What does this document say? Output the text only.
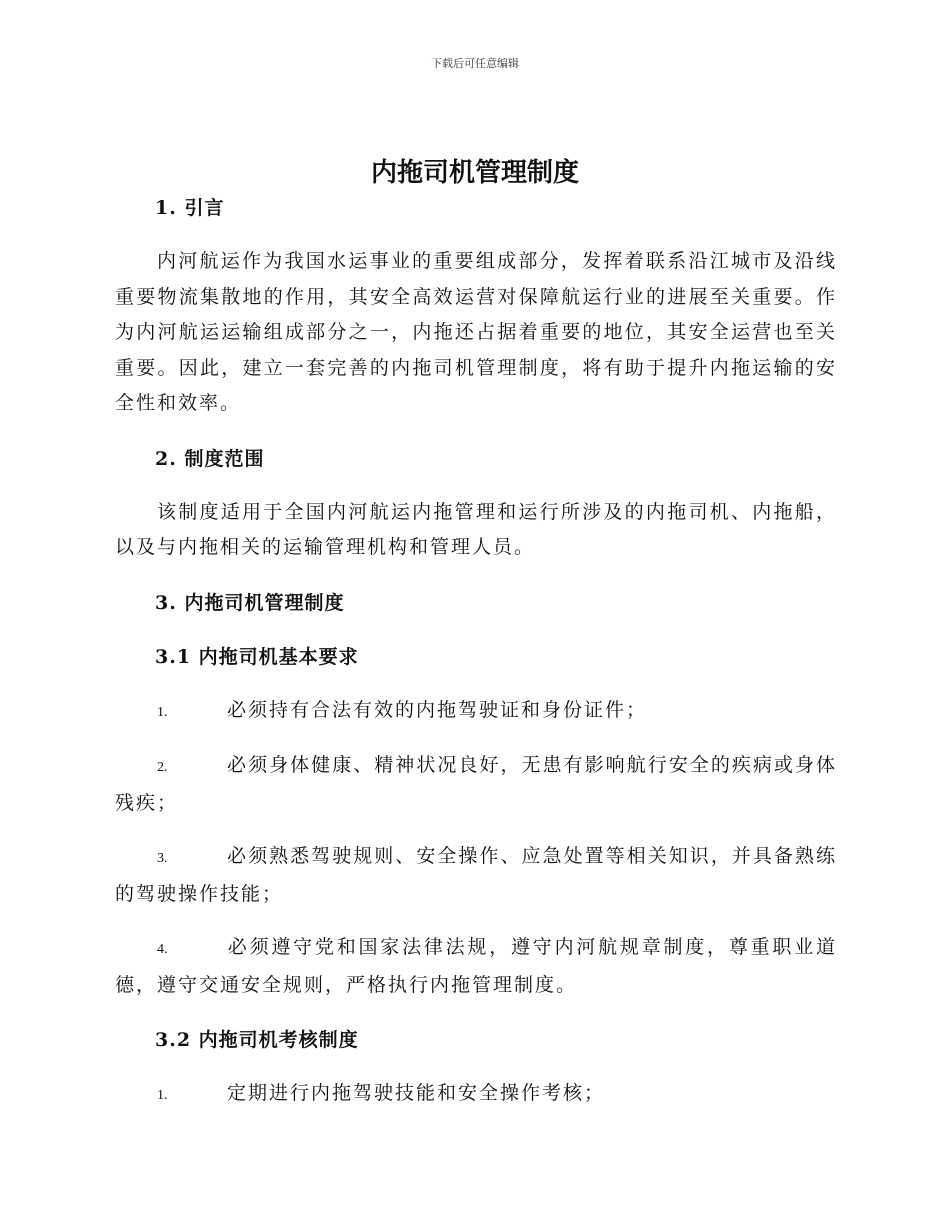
下载后可任意编辑
内拖司机管理制度

1. 引言

内河航运作为我国水运事业的重要组成部分，发挥着联系沿江城市及沿线重要物流集散地的作用，其安全高效运营对保障航运行业的进展至关重要。作为内河航运运输组成部分之一，内拖还占据着重要的地位，其安全运营也至关重要。因此，建立一套完善的内拖司机管理制度，将有助于提升内拖运输的安全性和效率。

2. 制度范围

该制度适用于全国内河航运内拖管理和运行所涉及的内拖司机、内拖船，以及与内拖相关的运输管理机构和管理人员。

3. 内拖司机管理制度

3.1 内拖司机基本要求

1.	必须持有合法有效的内拖驾驶证和身份证件；

2.	必须身体健康、精神状况良好，无患有影响航行安全的疾病或身体残疾；

3.	必须熟悉驾驶规则、安全操作、应急处置等相关知识，并具备熟练的驾驶操作技能；

4.	必须遵守党和国家法律法规，遵守内河航规章制度，尊重职业道德，遵守交通安全规则，严格执行内拖管理制度。

3.2 内拖司机考核制度

1.	定期进行内拖驾驶技能和安全操作考核；
